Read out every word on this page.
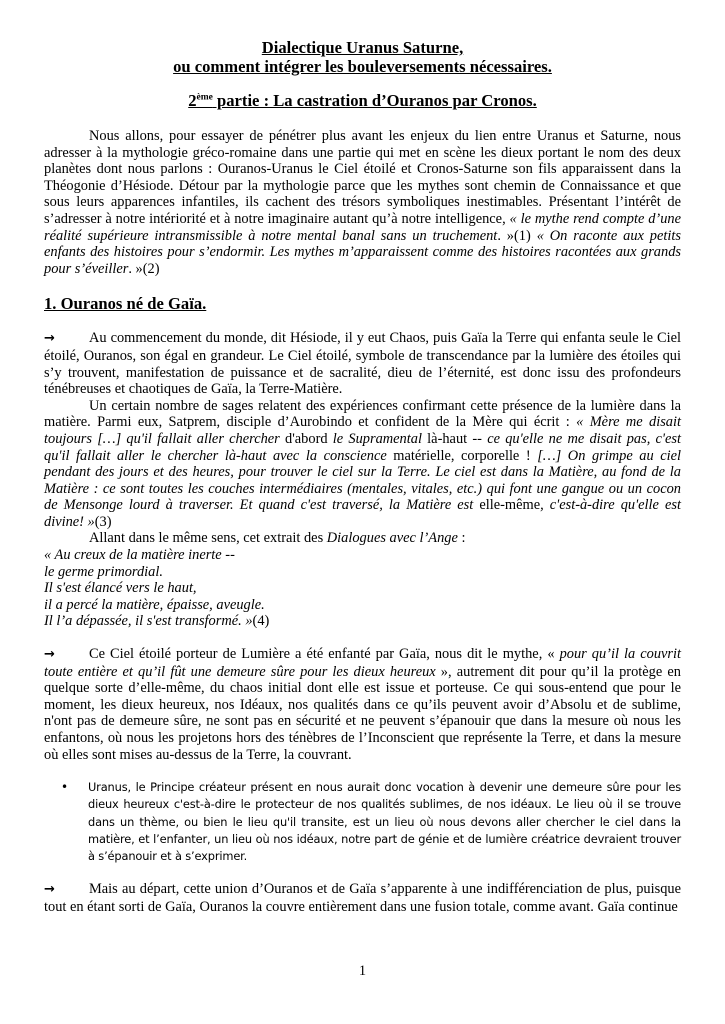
Dialectique Uranus Saturne,

ou comment intégrer les bouleversements nécessaires.

2ème partie : La castration d’Ouranos par Cronos.

Nous allons, pour essayer de pénétrer plus avant les enjeux du lien entre Uranus et Saturne, nous adresser à la mythologie gréco-romaine dans une partie qui met en scène les dieux portant le nom des deux planètes dont nous parlons : Ouranos-Uranus le Ciel étoilé et Cronos-Saturne son fils apparaissent dans la Théogonie d’Hésiode. Détour par la mythologie parce que les mythes sont chemin de Connaissance et que sous leurs apparences infantiles, ils cachent des trésors symboliques inestimables. Présentant l’intérêt de s’adresser à notre intériorité et à notre imaginaire autant qu’à notre intelligence, « le mythe rend compte d’une réalité supérieure intransmissible à notre mental banal sans un truchement. »(1) « On raconte aux petits enfants des histoires pour s’endormir. Les mythes m’apparaissent comme des histoires racontées aux grands pour s’éveiller. »(2)

1. Ouranos né de Gaïa.

→ Au commencement du monde, dit Hésiode, il y eut Chaos, puis Gaïa la Terre qui enfanta seule le Ciel étoilé, Ouranos, son égal en grandeur. Le Ciel étoilé, symbole de transcendance par la lumière des étoiles qui s’y trouvent, manifestation de puissance et de sacralité, dieu de l’éternité, est donc issu des profondeurs ténébreuses et chaotiques de Gaïa, la Terre-Matière.

Un certain nombre de sages relatent des expériences confirmant cette présence de la lumière dans la matière. Parmi eux, Satprem, disciple d’Aurobindo et confident de la Mère qui écrit : « Mère me disait toujours […] qu'il fallait aller chercher d'abord le Supramental là-haut -- ce qu'elle ne me disait pas, c'est qu'il fallait aller le chercher là-haut avec la conscience matérielle, corporelle ! […] On grimpe au ciel pendant des jours et des heures, pour trouver le ciel sur la Terre. Le ciel est dans la Matière, au fond de la Matière : ce sont toutes les couches intermédiaires (mentales, vitales, etc.) qui font une gangue ou un cocon de Mensonge lourd à traverser. Et quand c'est traversé, la Matière est elle-même, c'est-à-dire qu'elle est divine! »(3)

Allant dans le même sens, cet extrait des Dialogues avec l’Ange :

« Au creux de la matière inerte --

le germe primordial.

Il s'est élancé vers le haut,

il a percé la matière, épaisse, aveugle.

Il l’a dépassée, il s'est transformé. »(4)

→ Ce Ciel étoilé porteur de Lumière a été enfanté par Gaïa, nous dit le mythe, « pour qu’il la couvrit toute entière et qu’il fût une demeure sûre pour les dieux heureux », autrement dit pour qu’il la protège en quelque sorte d’elle-même, du chaos initial dont elle est issue et porteuse. Ce qui sous-entend que pour le moment, les dieux heureux, nos Idéaux, nos qualités dans ce qu’ils peuvent avoir d’Absolu et de sublime, n'ont pas de demeure sûre, ne sont pas en sécurité et ne peuvent s’épanouir que dans la mesure où nous les enfantons, où nous les projetons hors des ténèbres de l’Inconscient que représente la Terre, et dans la mesure où elles sont mises au-dessus de la Terre, la couvrant.

• Uranus, le Principe créateur présent en nous aurait donc vocation à devenir une demeure sûre pour les dieux heureux c'est-à-dire le protecteur de nos qualités sublimes, de nos idéaux. Le lieu où il se trouve dans un thème, ou bien le lieu qu'il transite, est un lieu où nous devons aller chercher le ciel dans la matière, et l’enfanter, un lieu où nos idéaux, notre part de génie et de lumière créatrice devraient trouver à s’épanouir et à s’exprimer.

→ Mais au départ, cette union d’Ouranos et de Gaïa s’apparente à une indifférenciation de plus, puisque tout en étant sorti de Gaïa, Ouranos la couvre entièrement dans une fusion totale, comme avant. Gaïa continue

1
